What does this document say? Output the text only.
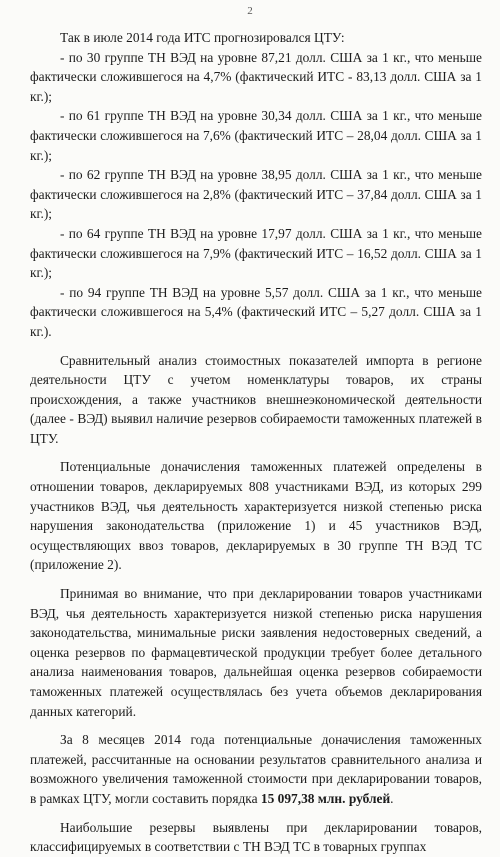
2

Так в июле 2014 года ИТС прогнозировался ЦТУ:

- по 30 группе ТН ВЭД на уровне 87,21 долл. США за 1 кг., что меньше фактически сложившегося на 4,7% (фактический ИТС - 83,13 долл. США за 1 кг.);

- по 61 группе ТН ВЭД на уровне 30,34 долл. США за 1 кг., что меньше фактически сложившегося на 7,6% (фактический ИТС – 28,04 долл. США за 1 кг.);

- по 62 группе ТН ВЭД на уровне 38,95 долл. США за 1 кг., что меньше фактически сложившегося на 2,8% (фактический ИТС – 37,84 долл. США за 1 кг.);

- по 64 группе ТН ВЭД на уровне 17,97 долл. США за 1 кг., что меньше фактически сложившегося на 7,9% (фактический ИТС – 16,52 долл. США за 1 кг.);

- по 94 группе ТН ВЭД на уровне 5,57 долл. США за 1 кг., что меньше фактически сложившегося на 5,4% (фактический ИТС – 5,27 долл. США за 1 кг.).

Сравнительный анализ стоимостных показателей импорта в регионе деятельности ЦТУ с учетом номенклатуры товаров, их страны происхождения, а также участников внешнеэкономической деятельности (далее - ВЭД) выявил наличие резервов собираемости таможенных платежей в ЦТУ.

Потенциальные доначисления таможенных платежей определены в отношении товаров, декларируемых 808 участниками ВЭД, из которых 299 участников ВЭД, чья деятельность характеризуется низкой степенью риска нарушения законодательства (приложение 1) и 45 участников ВЭД, осуществляющих ввоз товаров, декларируемых в 30 группе ТН ВЭД ТС (приложение 2).

Принимая во внимание, что при декларировании товаров участниками ВЭД, чья деятельность характеризуется низкой степенью риска нарушения законодательства, минимальные риски заявления недостоверных сведений, а оценка резервов по фармацевтической продукции требует более детального анализа наименования товаров, дальнейшая оценка резервов собираемости таможенных платежей осуществлялась без учета объемов декларирования данных категорий.

За 8 месяцев 2014 года потенциальные доначисления таможенных платежей, рассчитанные на основании результатов сравнительного анализа и возможного увеличения таможенной стоимости при декларировании товаров, в рамках ЦТУ, могли составить порядка 15 097,38 млн. рублей.

Наибольшие резервы выявлены при декларировании товаров, классифицируемых в соответствии с ТН ВЭД ТС в товарных группах
